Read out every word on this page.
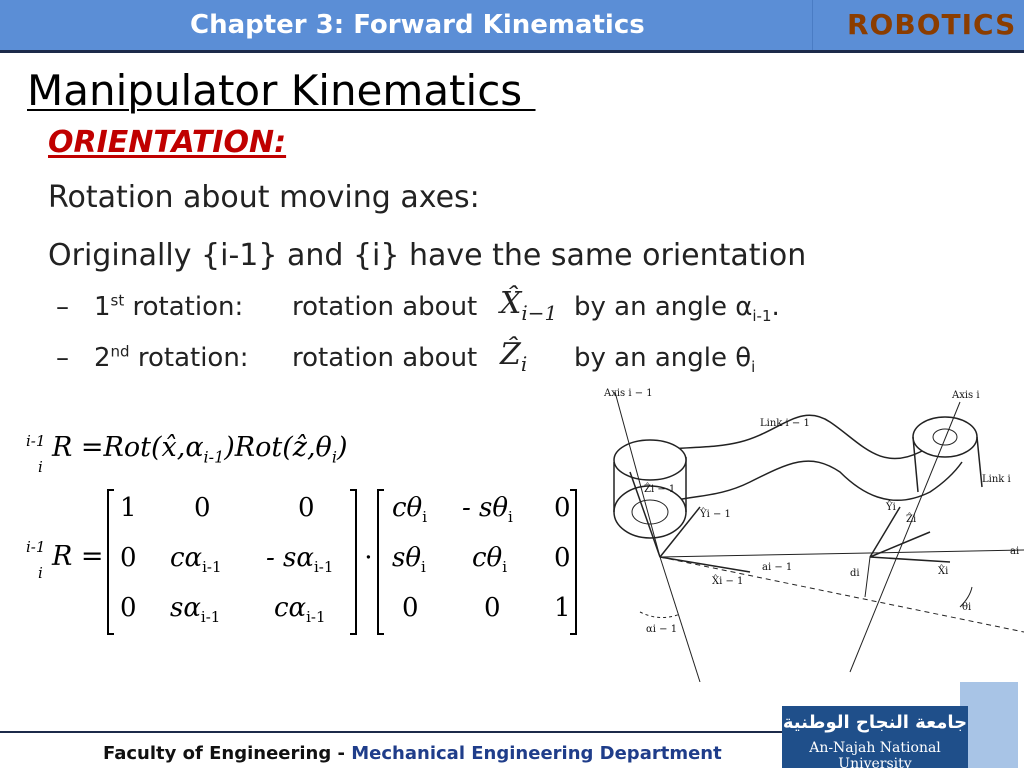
Chapter 3: Forward Kinematics	ROBOTICS
Manipulator Kinematics
ORIENTATION:
Rotation about moving axes:
Originally {i-1} and {i} have the same orientation
– 1st rotation: rotation about $X̂_{i-1}$ by an angle $\alpha_{i-1}$.
– 2nd rotation: rotation about Ẑ$_i$ by an angle $\theta_i$
i-1
i
$R =Rot(x̂,\alpha_{i-1})Rot(ẑ,\theta_i)$
i-1
i
R =
1 0	0
0 $c\alpha_{i-1} - s\alpha_{i-1}$
0 $s\alpha_{i-1}$ $c\alpha_{i-1}$
⋅
$c\theta_i - s\theta_i$ 0
$s\theta_i$ $c\theta_i$ 0
0	0 1
Axis i − 1	Axis i
Link i − 1
Link i
Ẑi − 1
Ŷi − 1
X̂i − 1
ai − 1
αi − 1
Ŷi
Ẑi
di	X̂i
θi
ai
Faculty of Engineering - Mechanical Engineering Department
جامعة النجاح الوطنية
An-Najah National University
